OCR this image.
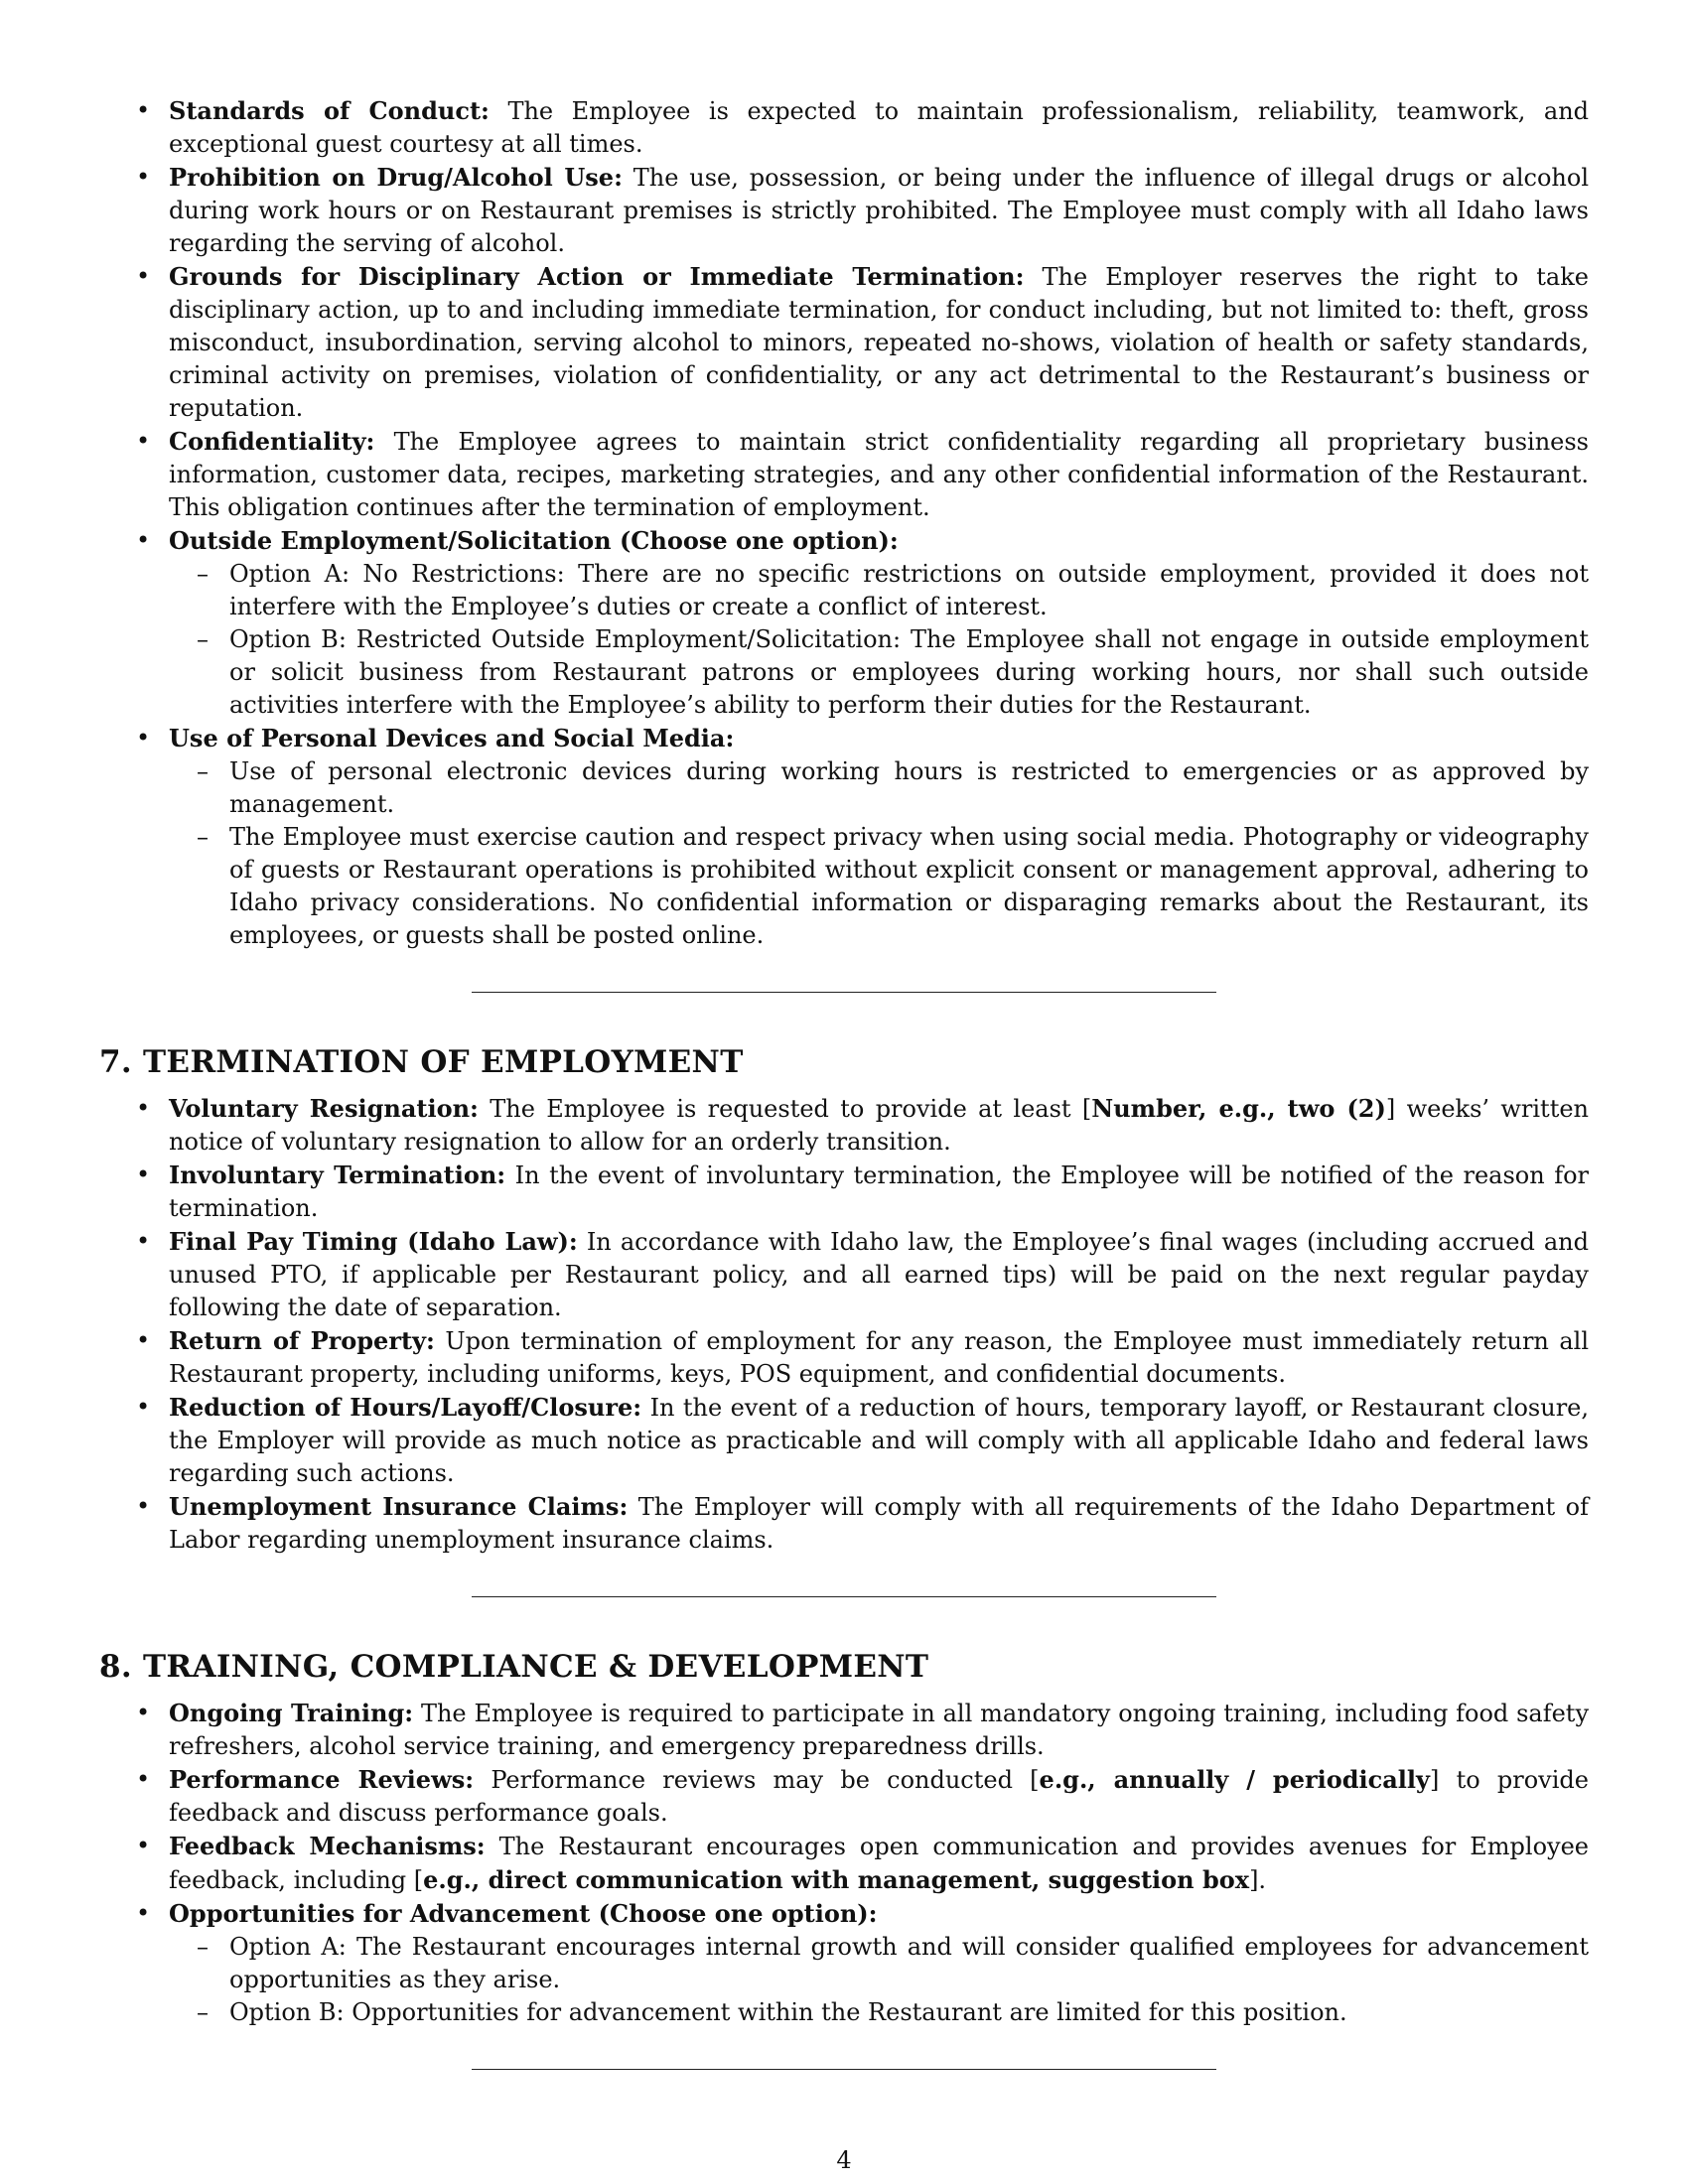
• Standards of Conduct: The Employee is expected to maintain professionalism, reliability, teamwork, and exceptional guest courtesy at all times.
• Prohibition on Drug/Alcohol Use: The use, possession, or being under the influence of illegal drugs or alcohol during work hours or on Restaurant premises is strictly prohibited. The Employee must comply with all Idaho laws regarding the serving of alcohol.
• Grounds for Disciplinary Action or Immediate Termination: The Employer reserves the right to take disciplinary action, up to and including immediate termination, for conduct including, but not limited to: theft, gross misconduct, insubordination, serving alcohol to minors, repeated no-shows, violation of health or safety standards, criminal activity on premises, violation of confidentiality, or any act detrimental to the Restaurant’s business or reputation.
• Confidentiality: The Employee agrees to maintain strict confidentiality regarding all proprietary business information, customer data, recipes, marketing strategies, and any other confidential information of the Restaurant. This obligation continues after the termination of employment.
• Outside Employment/Solicitation (Choose one option):
– Option A: No Restrictions: There are no specific restrictions on outside employment, provided it does not interfere with the Employee’s duties or create a conflict of interest.
– Option B: Restricted Outside Employment/Solicitation: The Employee shall not engage in outside employment or solicit business from Restaurant patrons or employees during working hours, nor shall such outside activities interfere with the Employee’s ability to perform their duties for the Restaurant.
• Use of Personal Devices and Social Media:
– Use of personal electronic devices during working hours is restricted to emergencies or as approved by management.
– The Employee must exercise caution and respect privacy when using social media. Photography or videography of guests or Restaurant operations is prohibited without explicit consent or management approval, adhering to Idaho privacy considerations. No confidential information or disparaging remarks about the Restaurant, its employees, or guests shall be posted online.
7. TERMINATION OF EMPLOYMENT
• Voluntary Resignation: The Employee is requested to provide at least [Number, e.g., two (2)] weeks’ written notice of voluntary resignation to allow for an orderly transition.
• Involuntary Termination: In the event of involuntary termination, the Employee will be notified of the reason for termination.
• Final Pay Timing (Idaho Law): In accordance with Idaho law, the Employee’s final wages (including accrued and unused PTO, if applicable per Restaurant policy, and all earned tips) will be paid on the next regular payday following the date of separation.
• Return of Property: Upon termination of employment for any reason, the Employee must immediately return all Restaurant property, including uniforms, keys, POS equipment, and confidential documents.
• Reduction of Hours/Layoff/Closure: In the event of a reduction of hours, temporary layoff, or Restaurant closure, the Employer will provide as much notice as practicable and will comply with all applicable Idaho and federal laws regarding such actions.
• Unemployment Insurance Claims: The Employer will comply with all requirements of the Idaho Department of Labor regarding unemployment insurance claims.
8. TRAINING, COMPLIANCE & DEVELOPMENT
• Ongoing Training: The Employee is required to participate in all mandatory ongoing training, including food safety refreshers, alcohol service training, and emergency preparedness drills.
• Performance Reviews: Performance reviews may be conducted [e.g., annually / periodically] to provide feedback and discuss performance goals.
• Feedback Mechanisms: The Restaurant encourages open communication and provides avenues for Employee feedback, including [e.g., direct communication with management, suggestion box].
• Opportunities for Advancement (Choose one option):
– Option A: The Restaurant encourages internal growth and will consider qualified employees for advancement opportunities as they arise.
– Option B: Opportunities for advancement within the Restaurant are limited for this position.
4
